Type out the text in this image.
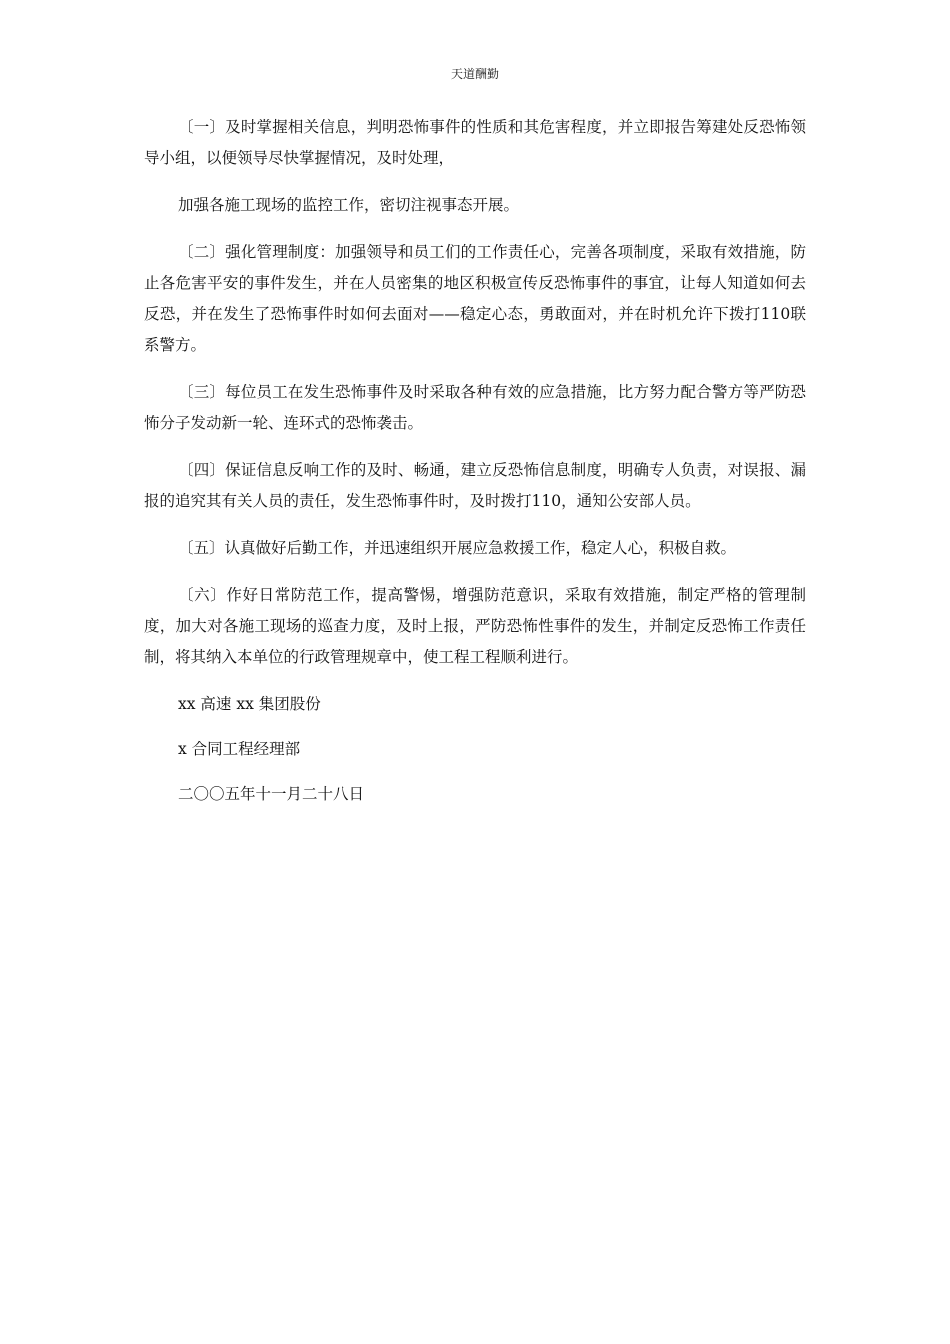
天道酬勤

〔一〕及时掌握相关信息，判明恐怖事件的性质和其危害程度，并立即报告筹建处反恐怖领导小组，以便领导尽快掌握情况，及时处理，

加强各施工现场的监控工作，密切注视事态开展。

〔二〕强化管理制度：加强领导和员工们的工作责任心，完善各项制度，采取有效措施，防止各危害平安的事件发生，并在人员密集的地区积极宣传反恐怖事件的事宜，让每人知道如何去反恐，并在发生了恐怖事件时如何去面对——稳定心态，勇敢面对，并在时机允许下拨打110联系警方。

〔三〕每位员工在发生恐怖事件及时采取各种有效的应急措施，比方努力配合警方等严防恐怖分子发动新一轮、连环式的恐怖袭击。

〔四〕保证信息反响工作的及时、畅通，建立反恐怖信息制度，明确专人负责，对误报、漏报的追究其有关人员的责任，发生恐怖事件时，及时拨打110，通知公安部人员。

〔五〕认真做好后勤工作，并迅速组织开展应急救援工作，稳定人心，积极自救。

〔六〕作好日常防范工作，提高警惕，增强防范意识，采取有效措施，制定严格的管理制度，加大对各施工现场的巡查力度，及时上报，严防恐怖性事件的发生，并制定反恐怖工作责任制，将其纳入本单位的行政管理规章中，使工程工程顺利进行。

xx 高速 xx 集团股份

x 合同工程经理部

二〇〇五年十一月二十八日
